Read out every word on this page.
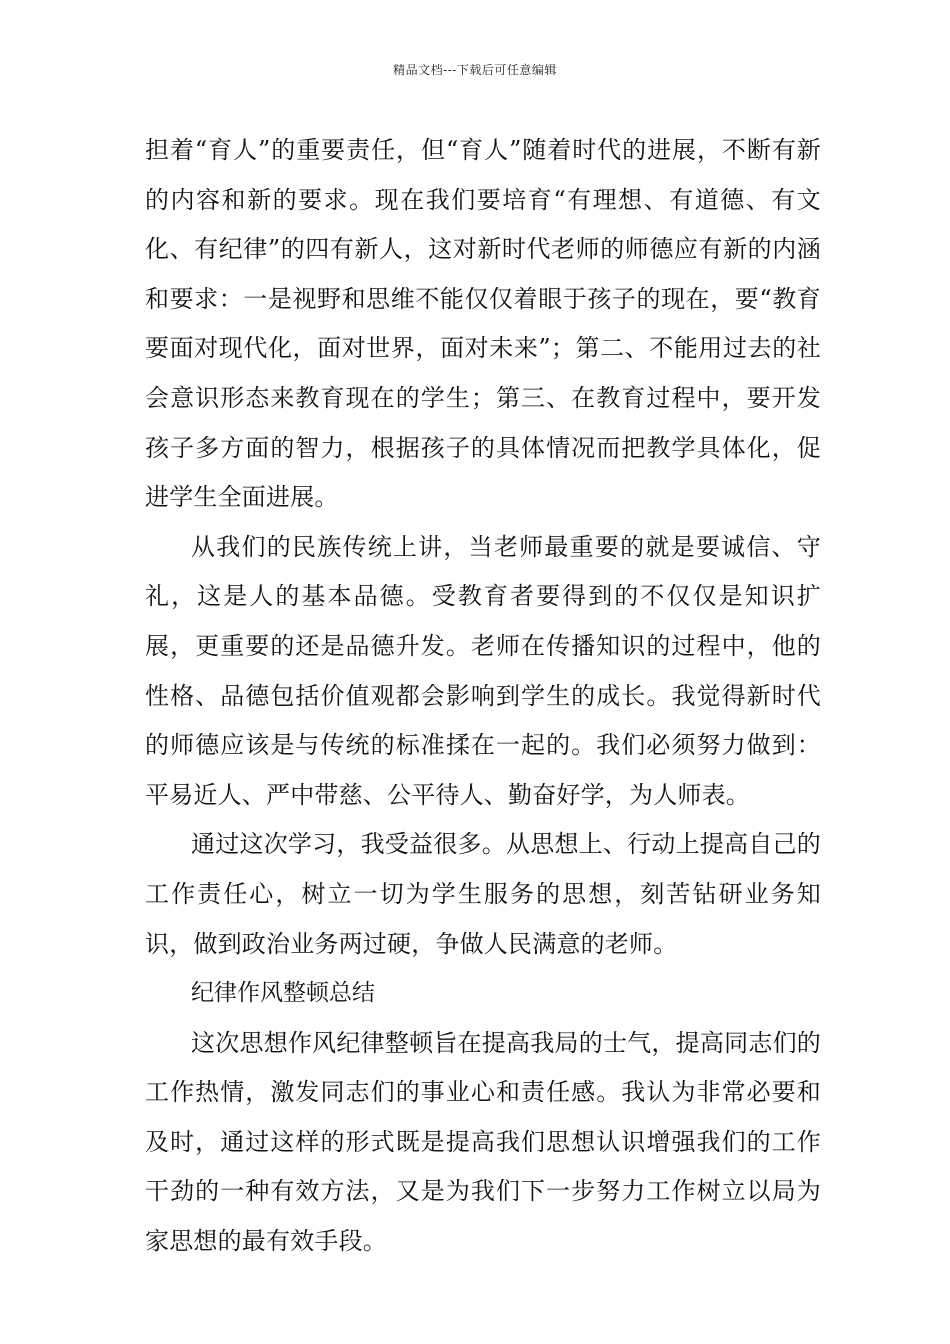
精品文档---下载后可任意编辑

担着“育人”的重要责任，但“育人”随着时代的进展，不断有新的内容和新的要求。现在我们要培育“有理想、有道德、有文化、有纪律”的四有新人，这对新时代老师的师德应有新的内涵和要求：一是视野和思维不能仅仅着眼于孩子的现在，要“教育要面对现代化，面对世界，面对未来”；第二、不能用过去的社会意识形态来教育现在的学生；第三、在教育过程中，要开发孩子多方面的智力，根据孩子的具体情况而把教学具体化，促进学生全面进展。

从我们的民族传统上讲，当老师最重要的就是要诚信、守礼，这是人的基本品德。受教育者要得到的不仅仅是知识扩展，更重要的还是品德升发。老师在传播知识的过程中，他的性格、品德包括价值观都会影响到学生的成长。我觉得新时代的师德应该是与传统的标准揉在一起的。我们必须努力做到：平易近人、严中带慈、公平待人、勤奋好学，为人师表。

通过这次学习，我受益很多。从思想上、行动上提高自己的工作责任心，树立一切为学生服务的思想，刻苦钻研业务知识，做到政治业务两过硬，争做人民满意的老师。

纪律作风整顿总结

这次思想作风纪律整顿旨在提高我局的士气，提高同志们的工作热情，激发同志们的事业心和责任感。我认为非常必要和及时，通过这样的形式既是提高我们思想认识增强我们的工作干劲的一种有效方法，又是为我们下一步努力工作树立以局为家思想的最有效手段。
